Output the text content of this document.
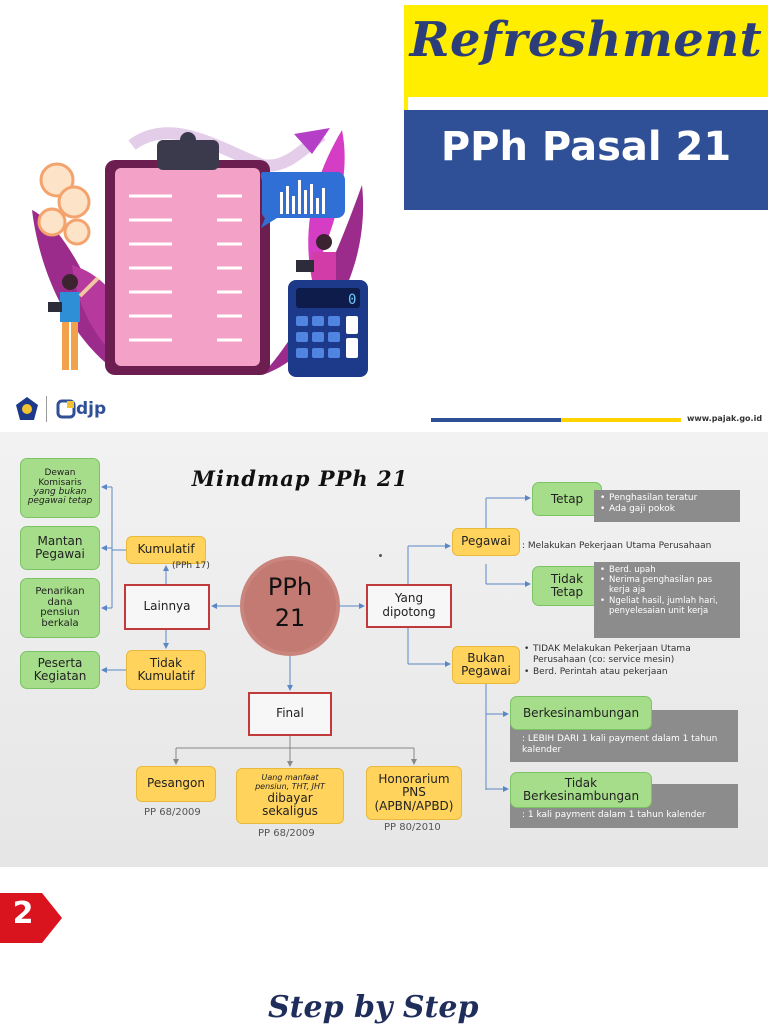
0
Refreshment
PPh Pasal 21
djp	www.pajak.go.id
Mindmap PPh 21
PPh
21
Dewan
Komisaris
yang bukan
pegawai tetap
Mantan
Pegawai
Penarikan
dana
pensiun
berkala
Peserta
Kegiatan
Kumulatif
(PPh 17)
Lainnya
Tidak
Kumulatif
Yang
dipotong
Pegawai	: Melakukan Pekerjaan Utama Perusahaan
Tetap
•	Penghasilan teratur
• Ada gaji pokok
Tidak
Tetap
• Berd. upah
• Nerima penghasilan pas kerja aja
• Ngeliat hasil, jumlah hari, penyelesaian unit kerja
Bukan
Pegawai
• TIDAK Melakukan Pekerjaan Utama Perusahaan (co: service mesin)
• Berd. Perintah atau pekerjaan
: LEBIH DARI 1 kali payment dalam 1 tahun kalender
Berkesinambungan
: 1 kali payment dalam 1 tahun kalender
Tidak
Berkesinambungan
Final
Pesangon
PP 68/2009
Uang manfaat
pensiun, THT, JHT
dibayar
sekaligus
PP 68/2009
Honorarium
PNS
(APBN/APBD)
PP 80/2010
2
Step by Step
